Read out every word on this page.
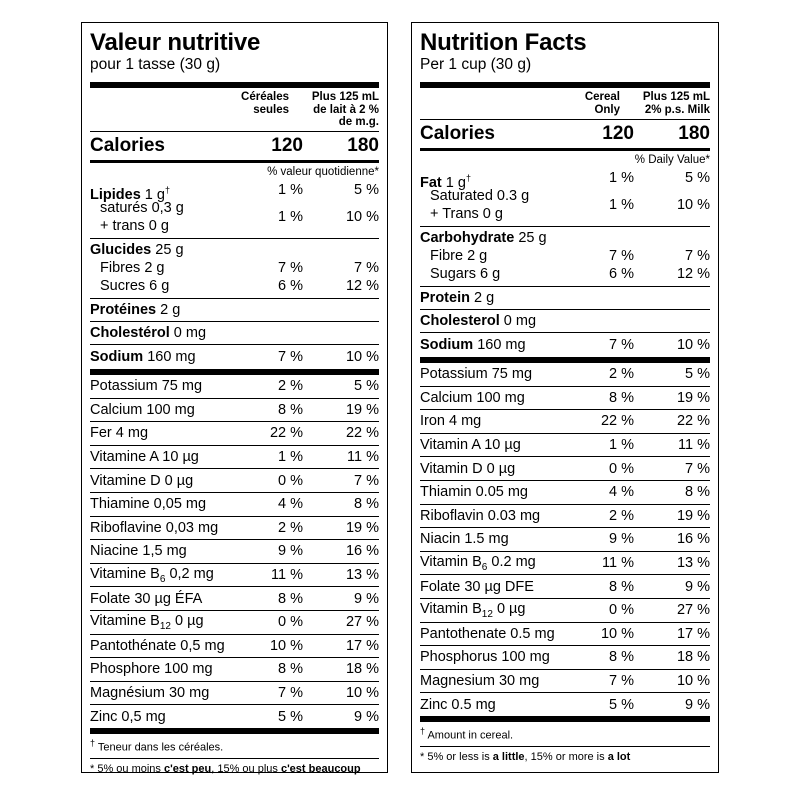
Valeur nutritive
pour 1 tasse (30 g)
Céréales seules
Plus 125 mL de lait à 2 % de m.g.
Calories	120	180
% valeur quotidienne*
Lipides 1 g†	1 %	5 %
saturés 0,3 g
+ trans 0 g
1 %	10 %
Glucides 25 g
Fibres 2 g	7 %	7 %
Sucres 6 g	6 %	12 %
Protéines 2 g
Cholestérol 0 mg
Sodium 160 mg	7 %	10 %
Potassium 75 mg	2 %	5 %
Calcium 100 mg	8 %	19 %
Fer 4 mg	22 %	22 %
Vitamine A 10 µg	1 %	11 %
Vitamine D 0 µg	0 %	7 %
Thiamine 0,05 mg	4 %	8 %
Riboflavine 0,03 mg	2 %	19 %
Niacine 1,5 mg	9 %	16 %
Vitamine $B_6$ 0,2 mg	11 %	13 %
Folate 30 µg ÉFA	8 %	9 %
Vitamine $B_{12}$ 0 µg	0 %	27 %
Pantothénate 0,5 mg	10 %	17 %
Phosphore 100 mg	8 %	18 %
Magnésium 30 mg	7 %	10 %
Zinc 0,5 mg	5 %	9 %
† Teneur dans les céréales.
* 5% ou moins c'est peu, 15% ou plus c'est beaucoup
Nutrition Facts
Per 1 cup (30 g)
Cereal Only
Plus 125 mL 2% p.s. Milk
Calories	120	180
% Daily Value*
Fat 1 g†	1 %	5 %
Saturated 0.3 g
+ Trans 0 g
1 %	10 %
Carbohydrate 25 g
Fibre 2 g	7 %	7 %
Sugars 6 g	6 %	12 %
Protein 2 g
Cholesterol 0 mg
Sodium 160 mg	7 %	10 %
Potassium 75 mg	2 %	5 %
Calcium 100 mg	8 %	19 %
Iron 4 mg	22 %	22 %
Vitamin A 10 µg	1 %	11 %
Vitamin D 0 µg	0 %	7 %
Thiamin 0.05 mg	4 %	8 %
Riboflavin 0.03 mg	2 %	19 %
Niacin 1.5 mg	9 %	16 %
Vitamin $B_6$ 0.2 mg	11 %	13 %
Folate 30 µg DFE	8 %	9 %
Vitamin $B_{12}$ 0 µg	0 %	27 %
Pantothenate 0.5 mg	10 %	17 %
Phosphorus 100 mg	8 %	18 %
Magnesium 30 mg	7 %	10 %
Zinc 0.5 mg	5 %	9 %
† Amount in cereal.
* 5% or less is a little, 15% or more is a lot
